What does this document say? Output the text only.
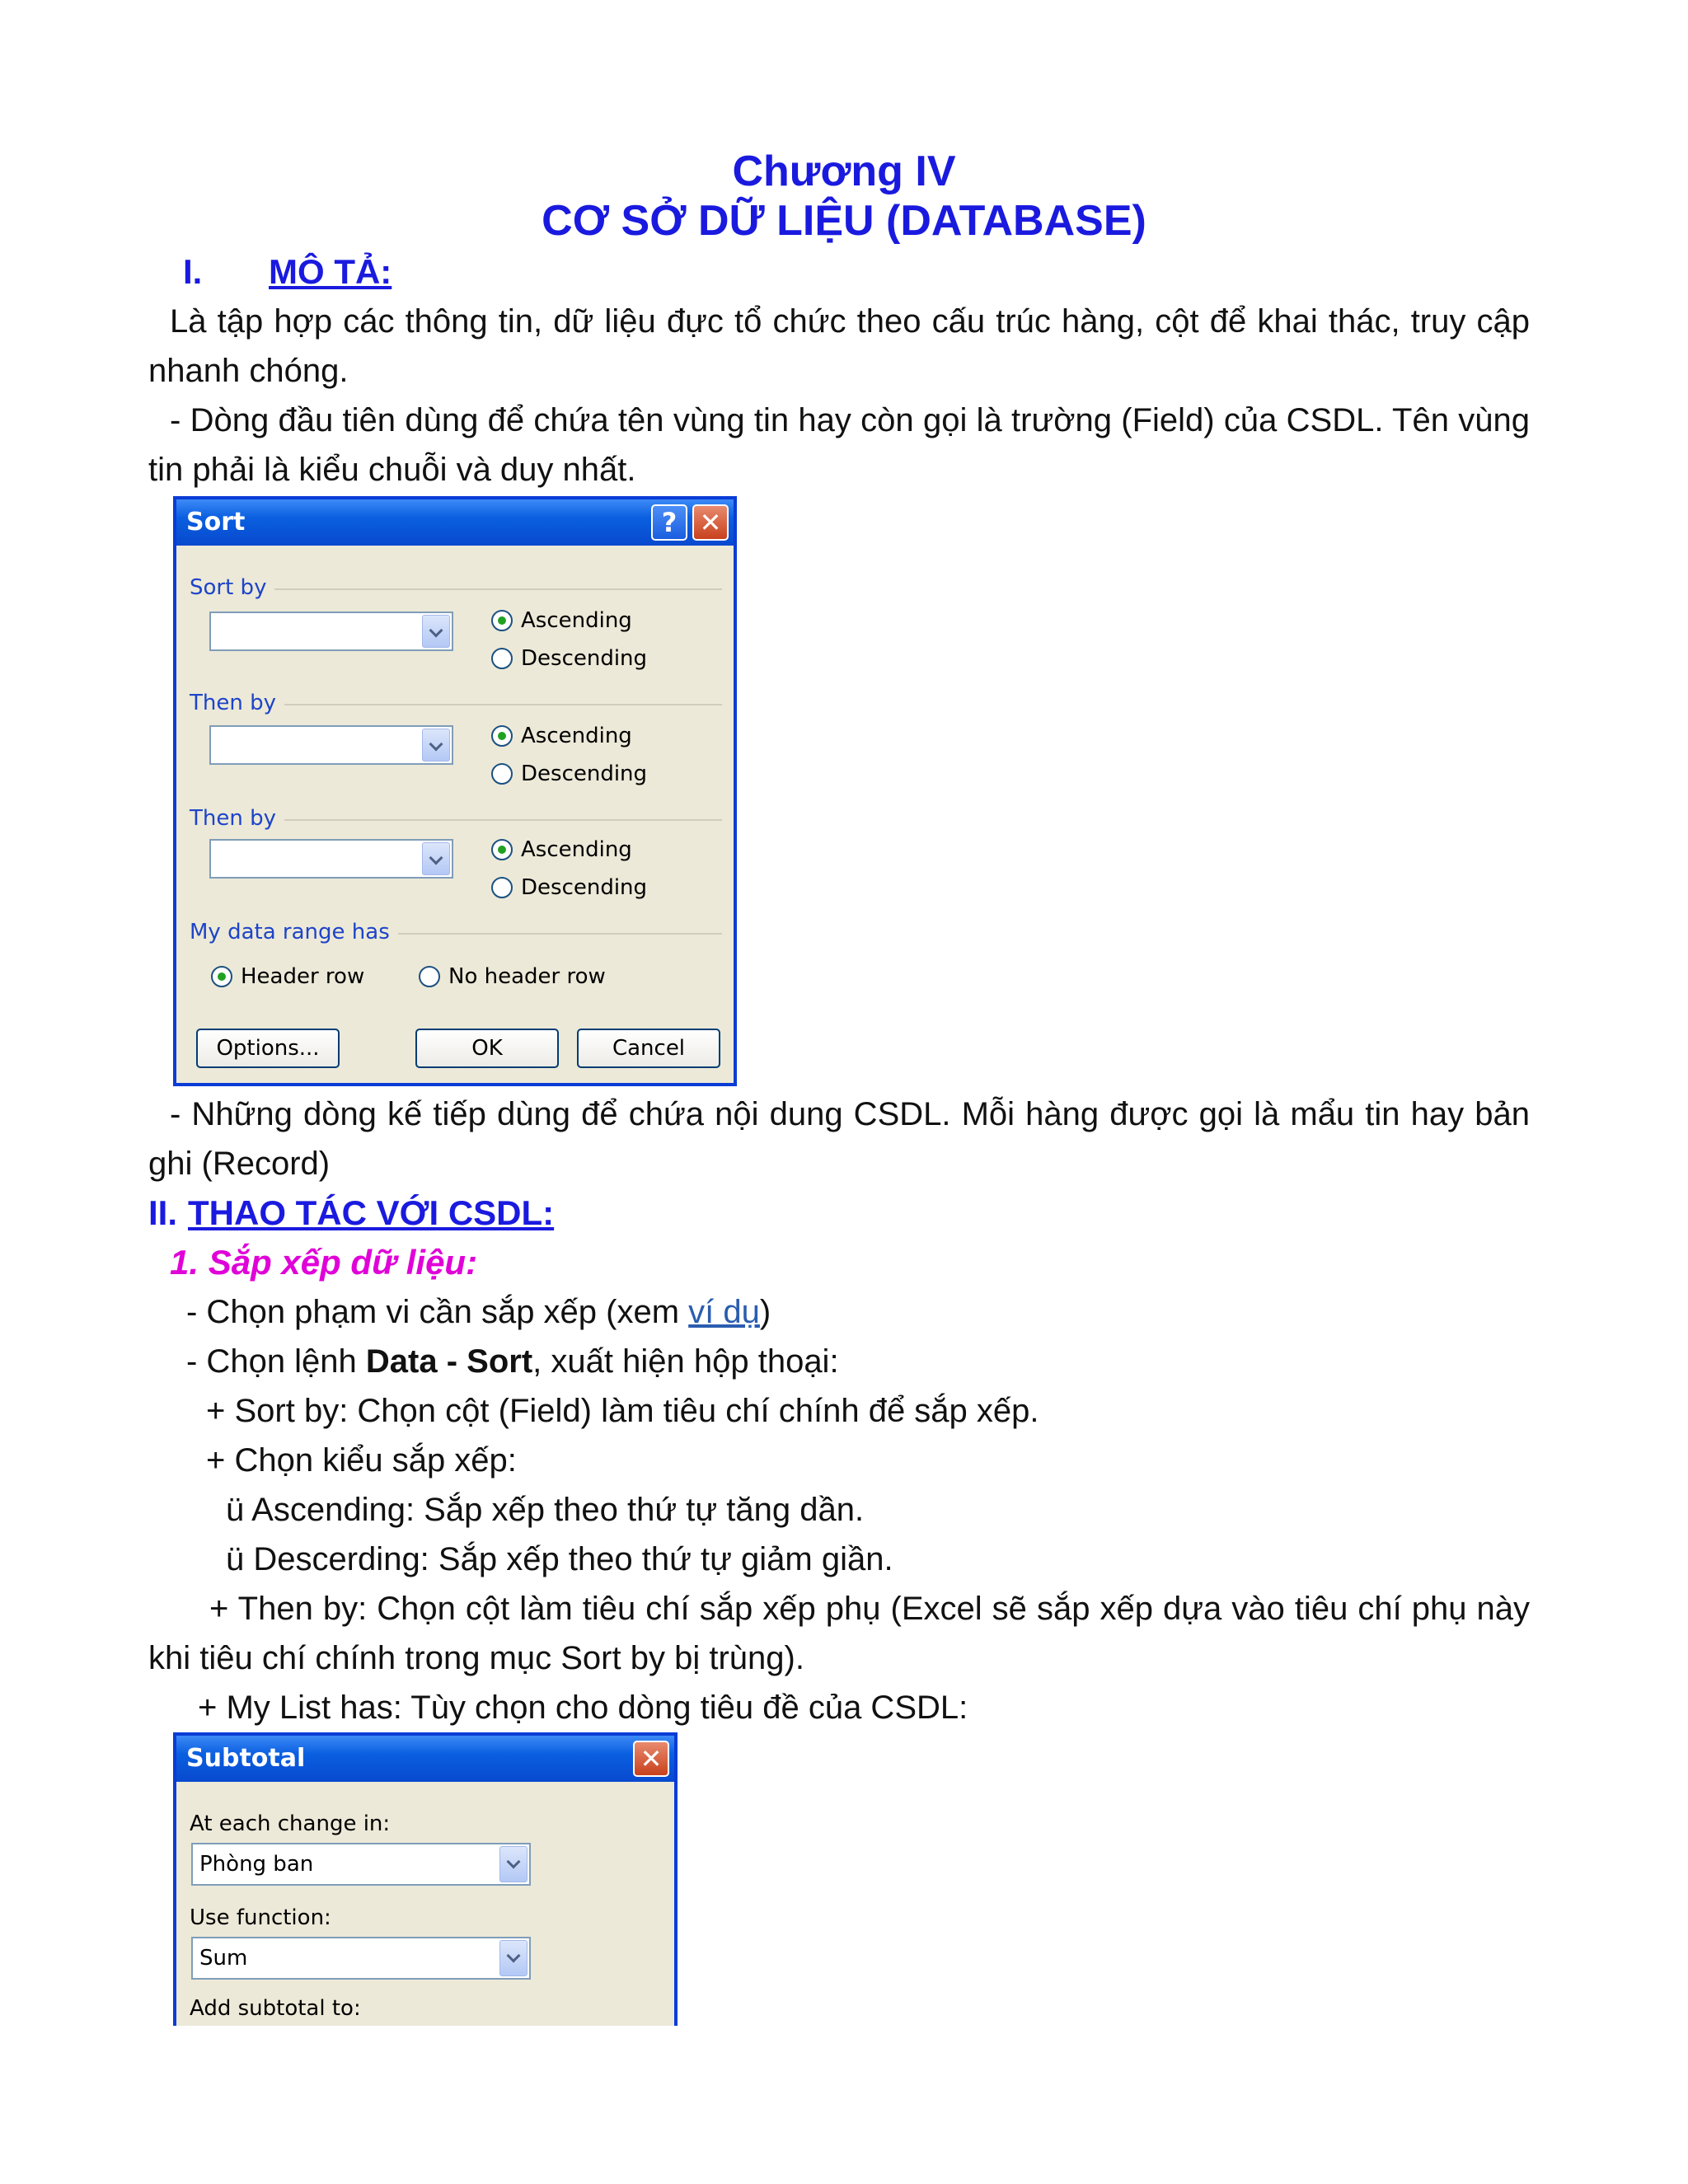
Chương IV
CƠ SỞ DỮ LIỆU (DATABASE)
I. MÔ TẢ:
Là tập hợp các thông tin, dữ liệu đực tổ chức theo cấu trúc hàng, cột để khai thác, truy cập nhanh chóng.
- Dòng đầu tiên dùng để chứa tên vùng tin hay còn gọi là trường (Field) của CSDL. Tên vùng tin phải là kiểu chuỗi và duy nhất.
Sort	? ✕
Sort by
Ascending
Descending
Then by
Ascending
Descending
Then by
Ascending
Descending
My data range has
Header row	No header row
Options...	OK	Cancel
- Những dòng kế tiếp dùng để chứa nội dung CSDL. Mỗi hàng được gọi là mẩu tin hay bản ghi (Record)
II. THAO TÁC VỚI CSDL:
1. Sắp xếp dữ liệu:
- Chọn phạm vi cần sắp xếp (xem ví dụ)
- Chọn lệnh Data - Sort, xuất hiện hộp thoại:
+ Sort by: Chọn cột (Field) làm tiêu chí chính để sắp xếp.
+ Chọn kiểu sắp xếp:
ü Ascending: Sắp xếp theo thứ tự tăng dần.
ü Descerding: Sắp xếp theo thứ tự giảm giần.
+ Then by: Chọn cột làm tiêu chí sắp xếp phụ (Excel sẽ sắp xếp dựa vào tiêu chí phụ này khi tiêu chí chính trong mục Sort by bị trùng).
+ My List has: Tùy chọn cho dòng tiêu đề của CSDL:
Subtotal	✕
At each change in:
Phòng ban
Use function:
Sum
Add subtotal to:
